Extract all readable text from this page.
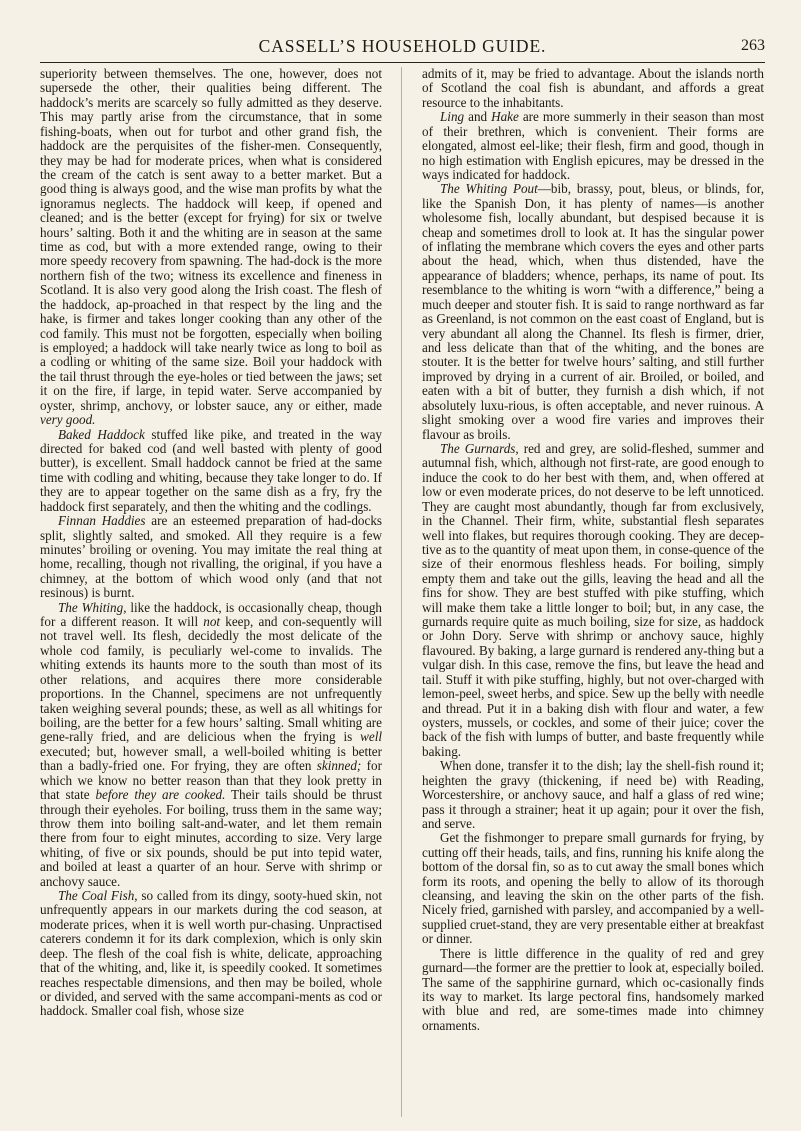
CASSELL’S HOUSEHOLD GUIDE.	263

superiority between themselves. The one, however, does not supersede the other, their qualities being different. The haddock’s merits are scarcely so fully admitted as they deserve. This may partly arise from the circumstance, that in some fishing-boats, when out for turbot and other grand fish, the haddock are the perquisites of the fisher-men. Consequently, they may be had for moderate prices, when what is considered the cream of the catch is sent away to a better market. But a good thing is always good, and the wise man profits by what the ignoramus neglects. The haddock will keep, if opened and cleaned; and is the better (except for frying) for six or twelve hours’ salting. Both it and the whiting are in season at the same time as cod, but with a more extended range, owing to their more speedy recovery from spawning. The had-dock is the more northern fish of the two; witness its excellence and fineness in Scotland. It is also very good along the Irish coast. The flesh of the haddock, ap-proached in that respect by the ling and the hake, is firmer and takes longer cooking than any other of the cod family. This must not be forgotten, especially when boiling is employed; a haddock will take nearly twice as long to boil as a codling or whiting of the same size. Boil your haddock with the tail thrust through the eye-holes or tied between the jaws; set it on the fire, if large, in tepid water. Serve accompanied by oyster, shrimp, anchovy, or lobster sauce, any or either, made very good.

Baked Haddock stuffed like pike, and treated in the way directed for baked cod (and well basted with plenty of good butter), is excellent. Small haddock cannot be fried at the same time with codling and whiting, because they take longer to do. If they are to appear together on the same dish as a fry, fry the haddock first separately, and then the whiting and the codlings.

Finnan Haddies are an esteemed preparation of had-docks split, slightly salted, and smoked. All they require is a few minutes’ broiling or ovening. You may imitate the real thing at home, recalling, though not rivalling, the original, if you have a chimney, at the bottom of which wood only (and that not resinous) is burnt.

The Whiting, like the haddock, is occasionally cheap, though for a different reason. It will not keep, and con-sequently will not travel well. Its flesh, decidedly the most delicate of the whole cod family, is peculiarly wel-come to invalids. The whiting extends its haunts more to the south than most of its other relations, and acquires there more considerable proportions. In the Channel, specimens are not unfrequently taken weighing several pounds; these, as well as all whitings for boiling, are the better for a few hours’ salting. Small whiting are gene-rally fried, and are delicious when the frying is well executed; but, however small, a well-boiled whiting is better than a badly-fried one. For frying, they are often skinned; for which we know no better reason than that they look pretty in that state before they are cooked. Their tails should be thrust through their eyeholes. For boiling, truss them in the same way; throw them into boiling salt-and-water, and let them remain there from four to eight minutes, according to size. Very large whiting, of five or six pounds, should be put into tepid water, and boiled at least a quarter of an hour. Serve with shrimp or anchovy sauce.

The Coal Fish, so called from its dingy, sooty-hued skin, not unfrequently appears in our markets during the cod season, at moderate prices, when it is well worth pur-chasing. Unpractised caterers condemn it for its dark complexion, which is only skin deep. The flesh of the coal fish is white, delicate, approaching that of the whiting, and, like it, is speedily cooked. It sometimes reaches respectable dimensions, and then may be boiled, whole or divided, and served with the same accompani-ments as cod or haddock. Smaller coal fish, whose size

admits of it, may be fried to advantage. About the islands north of Scotland the coal fish is abundant, and affords a great resource to the inhabitants.

Ling and Hake are more summerly in their season than most of their brethren, which is convenient. Their forms are elongated, almost eel-like; their flesh, firm and good, though in no high estimation with English epicures, may be dressed in the ways indicated for haddock.

The Whiting Pout—bib, brassy, pout, bleus, or blinds, for, like the Spanish Don, it has plenty of names—is another wholesome fish, locally abundant, but despised because it is cheap and sometimes droll to look at. It has the singular power of inflating the membrane which covers the eyes and other parts about the head, which, when thus distended, have the appearance of bladders; whence, perhaps, its name of pout. Its resemblance to the whiting is worn “with a difference,” being a much deeper and stouter fish. It is said to range northward as far as Greenland, is not common on the east coast of England, but is very abundant all along the Channel. Its flesh is firmer, drier, and less delicate than that of the whiting, and the bones are stouter. It is the better for twelve hours’ salting, and still further improved by drying in a current of air. Broiled, or boiled, and eaten with a bit of butter, they furnish a dish which, if not absolutely luxu-rious, is often acceptable, and never ruinous. A slight smoking over a wood fire varies and improves their flavour as broils.

The Gurnards, red and grey, are solid-fleshed, summer and autumnal fish, which, although not first-rate, are good enough to induce the cook to do her best with them, and, when offered at low or even moderate prices, do not deserve to be left unnoticed. They are caught most abundantly, though far from exclusively, in the Channel. Their firm, white, substantial flesh separates well into flakes, but requires thorough cooking. They are decep-tive as to the quantity of meat upon them, in conse-quence of the size of their enormous fleshless heads. For boiling, simply empty them and take out the gills, leaving the head and all the fins for show. They are best stuffed with pike stuffing, which will make them take a little longer to boil; but, in any case, the gurnards require quite as much boiling, size for size, as haddock or John Dory. Serve with shrimp or anchovy sauce, highly flavoured. By baking, a large gurnard is rendered any-thing but a vulgar dish. In this case, remove the fins, but leave the head and tail. Stuff it with pike stuffing, highly, but not over-charged with lemon-peel, sweet herbs, and spice. Sew up the belly with needle and thread. Put it in a baking dish with flour and water, a few oysters, mussels, or cockles, and some of their juice; cover the back of the fish with lumps of butter, and baste frequently while baking.

When done, transfer it to the dish; lay the shell-fish round it; heighten the gravy (thickening, if need be) with Reading, Worcestershire, or anchovy sauce, and half a glass of red wine; pass it through a strainer; heat it up again; pour it over the fish, and serve.

Get the fishmonger to prepare small gurnards for frying, by cutting off their heads, tails, and fins, running his knife along the bottom of the dorsal fin, so as to cut away the small bones which form its roots, and opening the belly to allow of its thorough cleansing, and leaving the skin on the other parts of the fish. Nicely fried, garnished with parsley, and accompanied by a well-supplied cruet-stand, they are very presentable either at breakfast or dinner.

There is little difference in the quality of red and grey gurnard—the former are the prettier to look at, especially boiled. The same of the sapphirine gurnard, which oc-casionally finds its way to market. Its large pectoral fins, handsomely marked with blue and red, are some-times made into chimney ornaments.
